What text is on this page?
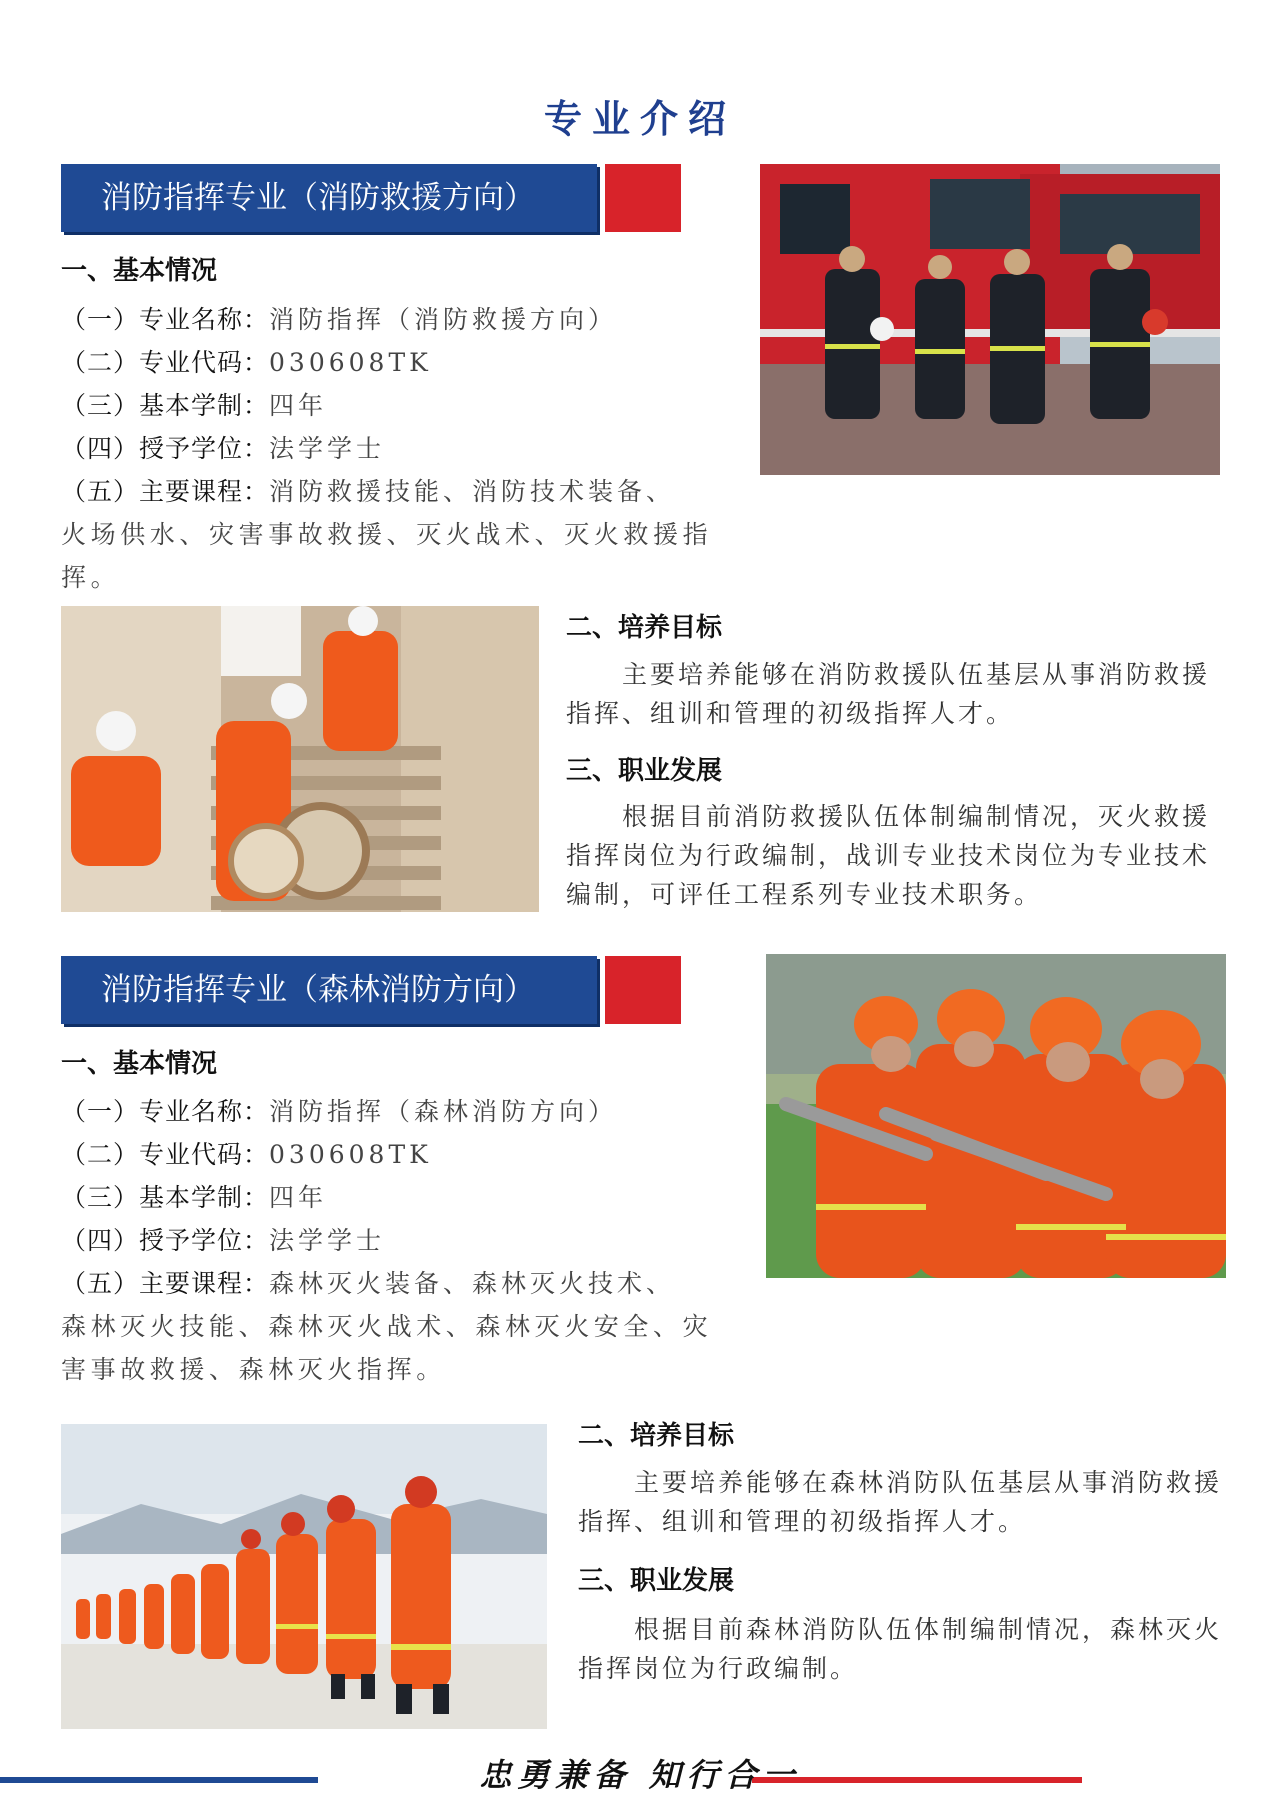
专业介绍
消防指挥专业（消防救援方向）
一、基本情况
（一）专业名称：消防指挥（消防救援方向）
（二）专业代码：030608TK
（三）基本学制：四年
（四）授予学位：法学学士
（五）主要课程：消防救援技能、消防技术装备、
火场供水、灾害事故救援、灭火战术、灭火救援指挥。
二、培养目标
主要培养能够在消防救援队伍基层从事消防救援指挥、组训和管理的初级指挥人才。
三、职业发展
根据目前消防救援队伍体制编制情况，灭火救援指挥岗位为行政编制，战训专业技术岗位为专业技术编制，可评任工程系列专业技术职务。
消防指挥专业（森林消防方向）
一、基本情况
（一）专业名称：消防指挥（森林消防方向）
（二）专业代码：030608TK
（三）基本学制：四年
（四）授予学位：法学学士
（五）主要课程：森林灭火装备、森林灭火技术、
森林灭火技能、森林灭火战术、森林灭火安全、灾害事故救援、森林灭火指挥。
二、培养目标
主要培养能够在森林消防队伍基层从事消防救援指挥、组训和管理的初级指挥人才。
三、职业发展
根据目前森林消防队伍体制编制情况，森林灭火指挥岗位为行政编制。
忠勇兼备 知行合一
